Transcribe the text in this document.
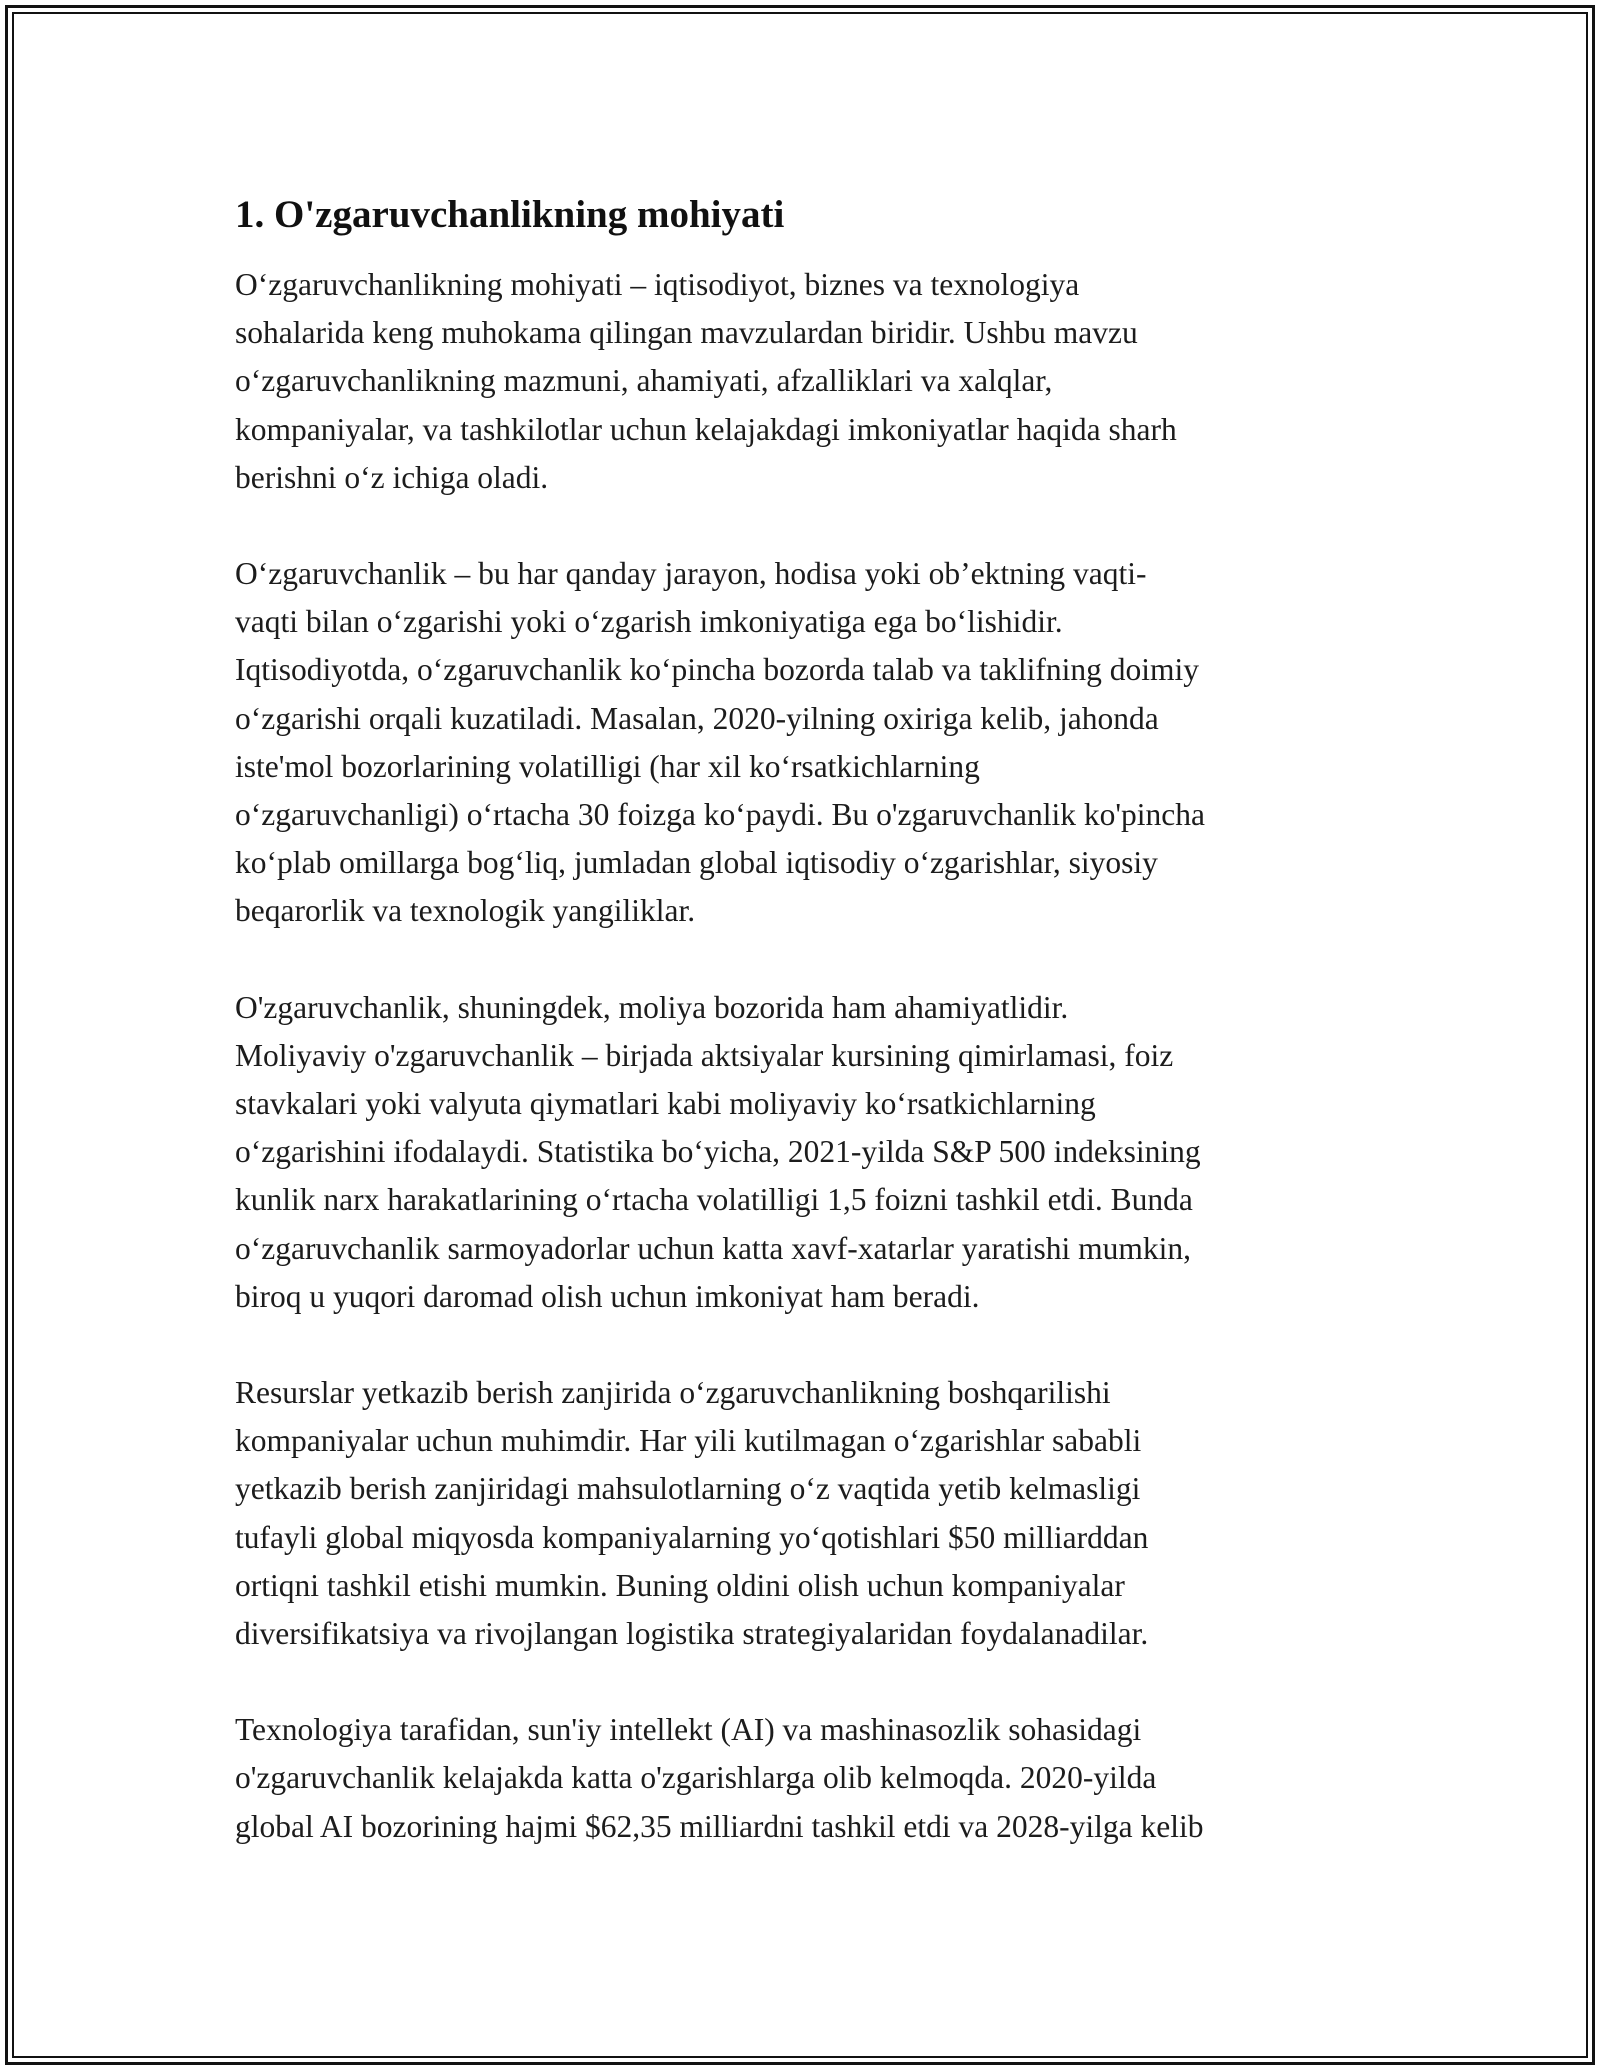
1. O'zgaruvchanlikning mohiyati

O‘zgaruvchanlikning mohiyati – iqtisodiyot, biznes va texnologiya
sohalarida keng muhokama qilingan mavzulardan biridir. Ushbu mavzu
o‘zgaruvchanlikning mazmuni, ahamiyati, afzalliklari va xalqlar,
kompaniyalar, va tashkilotlar uchun kelajakdagi imkoniyatlar haqida sharh
berishni o‘z ichiga oladi.

O‘zgaruvchanlik – bu har qanday jarayon, hodisa yoki ob’ektning vaqti-
vaqti bilan o‘zgarishi yoki o‘zgarish imkoniyatiga ega bo‘lishidir.
Iqtisodiyotda, o‘zgaruvchanlik ko‘pincha bozorda talab va taklifning doimiy
o‘zgarishi orqali kuzatiladi. Masalan, 2020-yilning oxiriga kelib, jahonda
iste'mol bozorlarining volatilligi (har xil ko‘rsatkichlarning
o‘zgaruvchanligi) o‘rtacha 30 foizga ko‘paydi. Bu o'zgaruvchanlik ko'pincha
ko‘plab omillarga bog‘liq, jumladan global iqtisodiy o‘zgarishlar, siyosiy
beqarorlik va texnologik yangiliklar.

O'zgaruvchanlik, shuningdek, moliya bozorida ham ahamiyatlidir.
Moliyaviy o'zgaruvchanlik – birjada aktsiyalar kursining qimirlamasi, foiz
stavkalari yoki valyuta qiymatlari kabi moliyaviy ko‘rsatkichlarning
o‘zgarishini ifodalaydi. Statistika bo‘yicha, 2021-yilda S&P 500 indeksining
kunlik narx harakatlarining o‘rtacha volatilligi 1,5 foizni tashkil etdi. Bunda
o‘zgaruvchanlik sarmoyadorlar uchun katta xavf-xatarlar yaratishi mumkin,
biroq u yuqori daromad olish uchun imkoniyat ham beradi.

Resurslar yetkazib berish zanjirida o‘zgaruvchanlikning boshqarilishi
kompaniyalar uchun muhimdir. Har yili kutilmagan o‘zgarishlar sababli
yetkazib berish zanjiridagi mahsulotlarning o‘z vaqtida yetib kelmasligi
tufayli global miqyosda kompaniyalarning yo‘qotishlari $50 milliarddan
ortiqni tashkil etishi mumkin. Buning oldini olish uchun kompaniyalar
diversifikatsiya va rivojlangan logistika strategiyalaridan foydalanadilar.

Texnologiya tarafidan, sun'iy intellekt (AI) va mashinasozlik sohasidagi
o'zgaruvchanlik kelajakda katta o'zgarishlarga olib kelmoqda. 2020-yilda
global AI bozorining hajmi $62,35 milliardni tashkil etdi va 2028-yilga kelib
